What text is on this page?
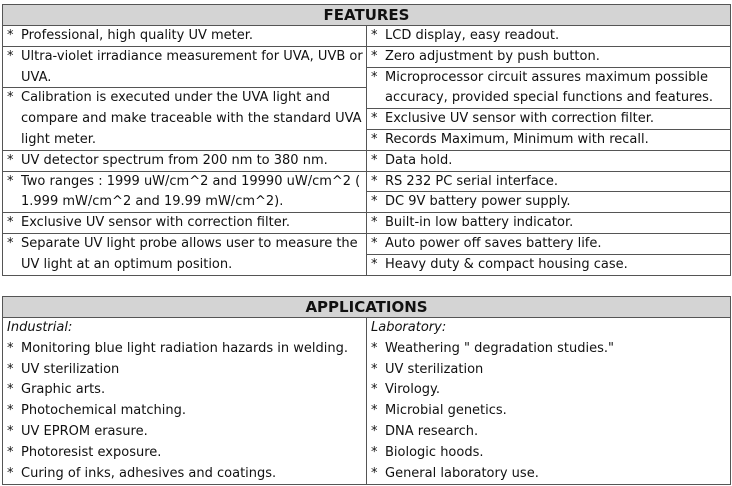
FEATURES

* Professional, high quality UV meter.
* Ultra-violet irradiance measurement for UVA, UVB or UVA.
* Calibration is executed under the UVA light and compare and make traceable with the standard UVA light meter.
* UV detector spectrum from 200 nm to 380 nm.
* Two ranges : 1999 uW/cm^2 and 19990 uW/cm^2 ( 1.999 mW/cm^2 and 19.99 mW/cm^2).
* Exclusive UV sensor with correction filter.
* Separate UV light probe allows user to measure the UV light at an optimum position.

* LCD display, easy readout.
* Zero adjustment by push button.
* Microprocessor circuit assures maximum possible accuracy, provided special functions and features.
* Exclusive UV sensor with correction filter.
* Records Maximum, Minimum with recall.
* Data hold.
* RS 232 PC serial interface.
* DC 9V battery power supply.
* Built-in low battery indicator.
* Auto power off saves battery life.
* Heavy duty & compact housing case.
APPLICATIONS

Industrial:
* Monitoring blue light radiation hazards in welding.
* UV sterilization
* Graphic arts.
* Photochemical matching.
* UV EPROM erasure.
* Photoresist exposure.
* Curing of inks, adhesives and coatings.

Laboratory:
* Weathering " degradation studies."
* UV sterilization
* Virology.
* Microbial genetics.
* DNA research.
* Biologic hoods.
* General laboratory use.
